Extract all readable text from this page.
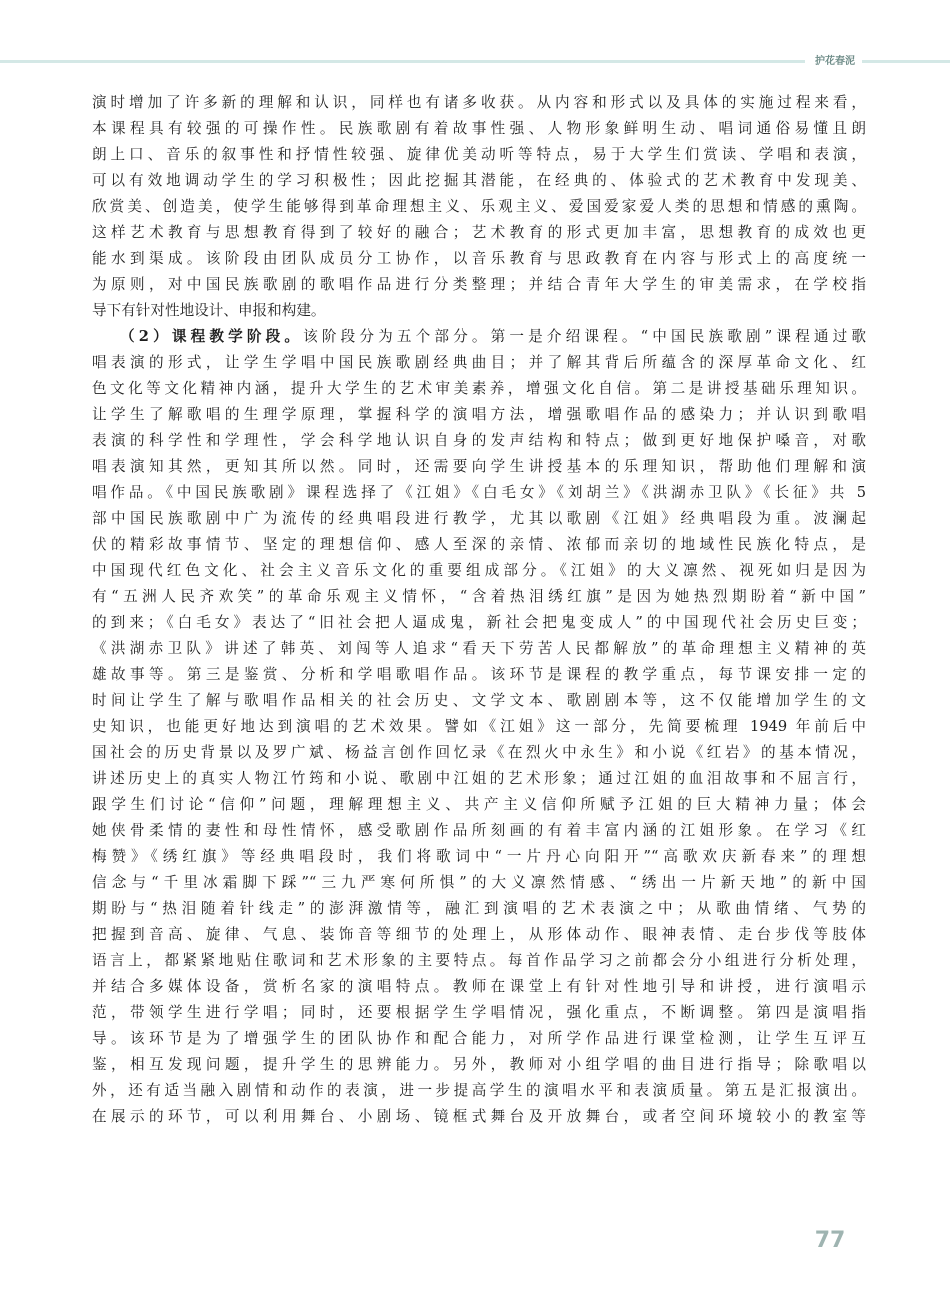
护花春泥
演时增加了许多新的理解和认识，同样也有诸多收获。从内容和形式以及具体的实施过程来看，
本课程具有较强的可操作性。民族歌剧有着故事性强、人物形象鲜明生动、唱词通俗易懂且朗
朗上口、音乐的叙事性和抒情性较强、旋律优美动听等特点，易于大学生们赏读、学唱和表演，
可以有效地调动学生的学习积极性；因此挖掘其潜能，在经典的、体验式的艺术教育中发现美、
欣赏美、创造美，使学生能够得到革命理想主义、乐观主义、爱国爱家爱人类的思想和情感的熏陶。
这样艺术教育与思想教育得到了较好的融合；艺术教育的形式更加丰富，思想教育的成效也更
能水到渠成。该阶段由团队成员分工协作，以音乐教育与思政教育在内容与形式上的高度统一
为原则，对中国民族歌剧的歌唱作品进行分类整理；并结合青年大学生的审美需求，在学校指
导下有针对性地设计、申报和构建。
（2）课程教学阶段。该阶段分为五个部分。第一是介绍课程。“中国民族歌剧”课程通过歌
唱表演的形式，让学生学唱中国民族歌剧经典曲目；并了解其背后所蕴含的深厚革命文化、红
色文化等文化精神内涵，提升大学生的艺术审美素养，增强文化自信。第二是讲授基础乐理知识。
让学生了解歌唱的生理学原理，掌握科学的演唱方法，增强歌唱作品的感染力；并认识到歌唱
表演的科学性和学理性，学会科学地认识自身的发声结构和特点；做到更好地保护嗓音，对歌
唱表演知其然，更知其所以然。同时，还需要向学生讲授基本的乐理知识，帮助他们理解和演
唱作品。《中国民族歌剧》课程选择了《江姐》《白毛女》《刘胡兰》《洪湖赤卫队》《长征》共 5
部中国民族歌剧中广为流传的经典唱段进行教学，尤其以歌剧《江姐》经典唱段为重。波澜起
伏的精彩故事情节、坚定的理想信仰、感人至深的亲情、浓郁而亲切的地域性民族化特点，是
中国现代红色文化、社会主义音乐文化的重要组成部分。《江姐》的大义凛然、视死如归是因为
有“五洲人民齐欢笑”的革命乐观主义情怀，“含着热泪绣红旗”是因为她热烈期盼着“新中国”
的到来；《白毛女》表达了“旧社会把人逼成鬼，新社会把鬼变成人”的中国现代社会历史巨变；
《洪湖赤卫队》讲述了韩英、刘闯等人追求“看天下劳苦人民都解放”的革命理想主义精神的英
雄故事等。第三是鉴赏、分析和学唱歌唱作品。该环节是课程的教学重点，每节课安排一定的
时间让学生了解与歌唱作品相关的社会历史、文学文本、歌剧剧本等，这不仅能增加学生的文
史知识，也能更好地达到演唱的艺术效果。譬如《江姐》这一部分，先简要梳理 1949 年前后中
国社会的历史背景以及罗广斌、杨益言创作回忆录《在烈火中永生》和小说《红岩》的基本情况，
讲述历史上的真实人物江竹筠和小说、歌剧中江姐的艺术形象；通过江姐的血泪故事和不屈言行，
跟学生们讨论“信仰”问题，理解理想主义、共产主义信仰所赋予江姐的巨大精神力量；体会
她侠骨柔情的妻性和母性情怀，感受歌剧作品所刻画的有着丰富内涵的江姐形象。在学习《红
梅赞》《绣红旗》等经典唱段时，我们将歌词中“一片丹心向阳开”“高歌欢庆新春来”的理想
信念与“千里冰霜脚下踩”“三九严寒何所惧”的大义凛然情感、“绣出一片新天地”的新中国
期盼与“热泪随着针线走”的澎湃激情等，融汇到演唱的艺术表演之中；从歌曲情绪、气势的
把握到音高、旋律、气息、装饰音等细节的处理上，从形体动作、眼神表情、走台步伐等肢体
语言上，都紧紧地贴住歌词和艺术形象的主要特点。每首作品学习之前都会分小组进行分析处理，
并结合多媒体设备，赏析名家的演唱特点。教师在课堂上有针对性地引导和讲授，进行演唱示
范，带领学生进行学唱；同时，还要根据学生学唱情况，强化重点，不断调整。第四是演唱指
导。该环节是为了增强学生的团队协作和配合能力，对所学作品进行课堂检测，让学生互评互
鉴，相互发现问题，提升学生的思辨能力。另外，教师对小组学唱的曲目进行指导；除歌唱以
外，还有适当融入剧情和动作的表演，进一步提高学生的演唱水平和表演质量。第五是汇报演出。
在展示的环节，可以利用舞台、小剧场、镜框式舞台及开放舞台，或者空间环境较小的教室等
77
